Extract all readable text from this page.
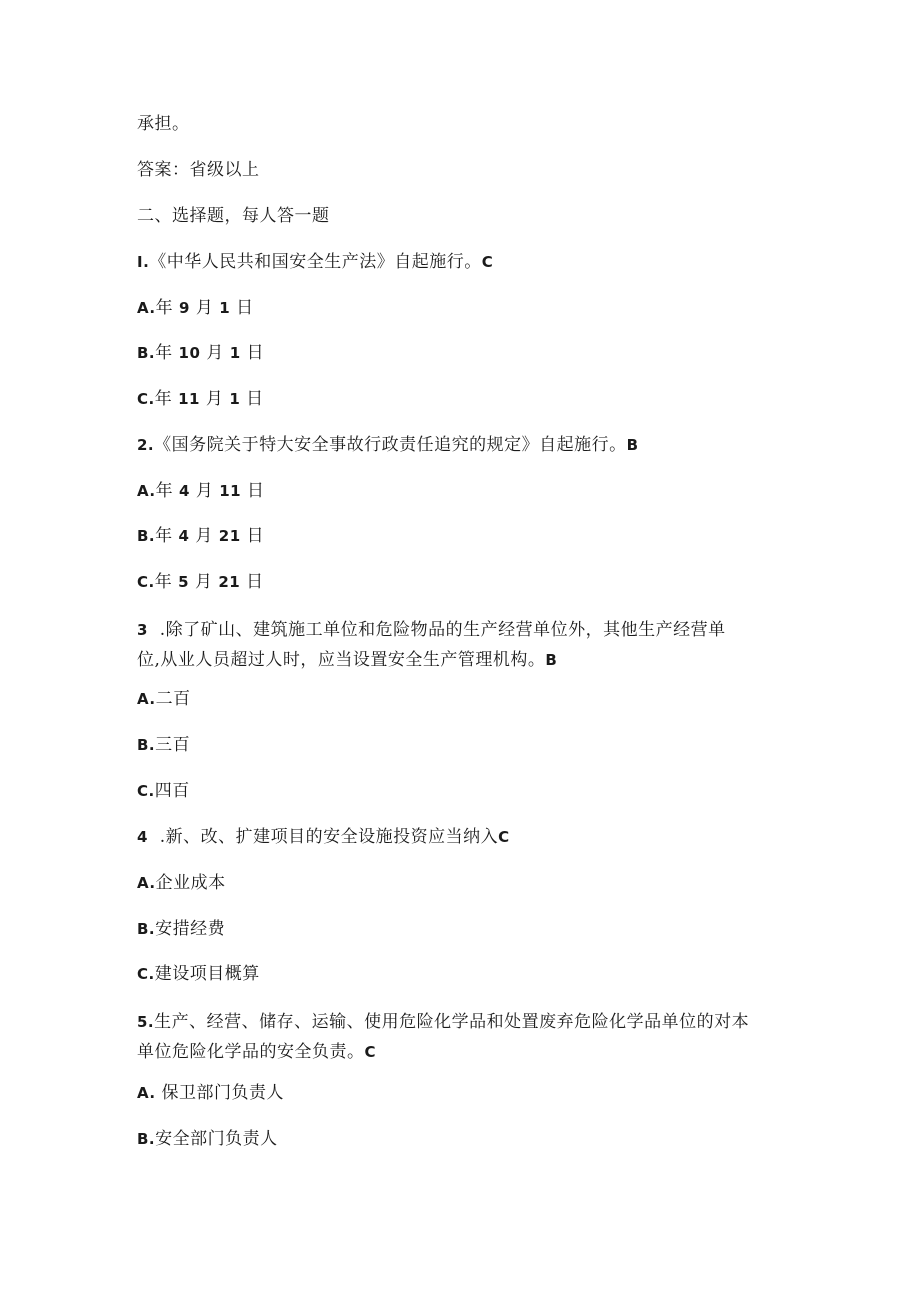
承担。
答案：省级以上
二、选择题，每人答一题
I.《中华人民共和国安全生产法》自起施行。C
A.年 9 月 1 日
B.年 10 月 1 日
C.年 11 月 1 日
2.《国务院关于特大安全事故行政责任追究的规定》自起施行。B
A.年 4 月 11 日
B.年 4 月 21 日
C.年 5 月 21 日
3 .除了矿山、建筑施工单位和危险物品的生产经营单位外，其他生产经营单
位,从业人员超过人时，应当设置安全生产管理机构。B
A.二百
B.三百
C.四百
4 .新、改、扩建项目的安全设施投资应当纳入C
A.企业成本
B.安措经费
C.建设项目概算
5.生产、经营、储存、运输、使用危险化学品和处置废弃危险化学品单位的对本
单位危险化学品的安全负责。C
A. 保卫部门负责人
B.安全部门负责人
